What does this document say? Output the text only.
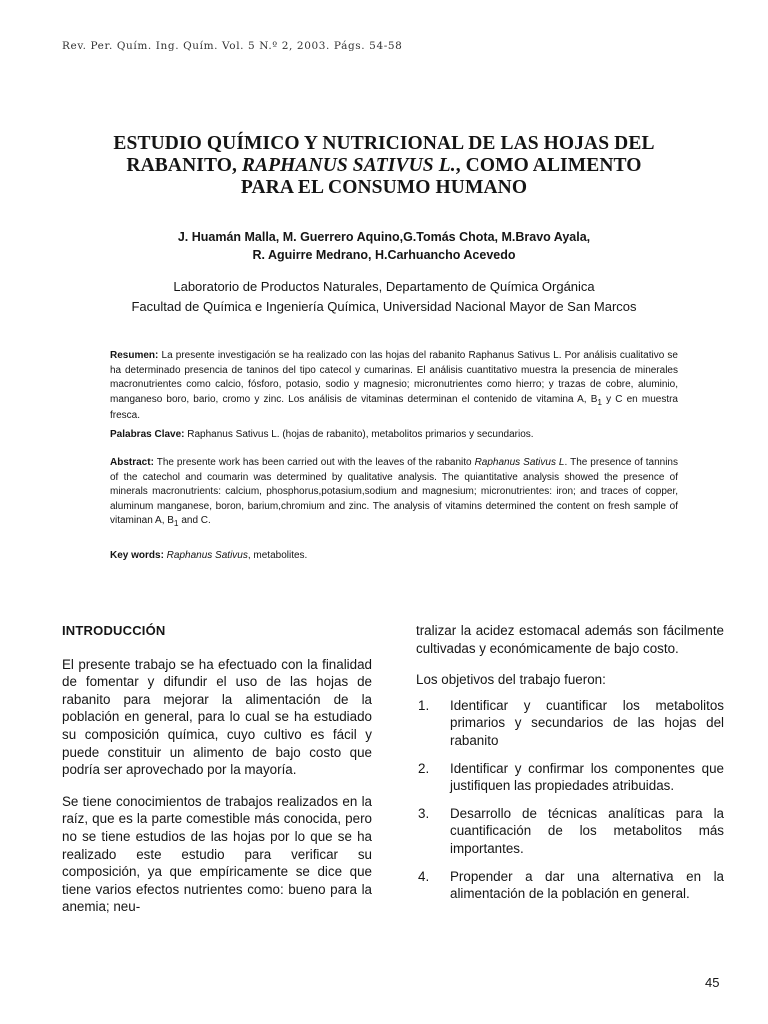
Rev. Per. Quím. Ing. Quím. Vol. 5 N.º 2, 2003. Págs. 54-58
ESTUDIO QUÍMICO Y NUTRICIONAL DE LAS HOJAS DEL
RABANITO, RAPHANUS SATIVUS L., COMO ALIMENTO
PARA EL CONSUMO HUMANO
J. Huamán Malla, M. Guerrero Aquino,G.Tomás Chota, M.Bravo Ayala,
R. Aguirre Medrano, H.Carhuancho Acevedo
Laboratorio de Productos Naturales, Departamento de Química Orgánica
Facultad de Química e Ingeniería Química, Universidad Nacional Mayor de San Marcos
Resumen: La presente investigación se ha realizado con las hojas del rabanito Raphanus Sativus L. Por análisis cualitativo se ha determinado presencia de taninos del tipo catecol y cumarinas. El análisis cuantitativo muestra la presencia de minerales macronutrientes como calcio, fósforo, potasio, sodio y magnesio; micronutrientes como hierro; y trazas de cobre, aluminio, manganeso boro, bario, cromo y zinc. Los análisis de vitaminas determinan el contenido de vitamina A, $B_1$ y C en muestra fresca.
Palabras Clave: Raphanus Sativus L. (hojas de rabanito), metabolitos primarios y secundarios.
Abstract: The presente work has been carried out with the leaves of the rabanito Raphanus Sativus L. The presence of tannins of the catechol and coumarin was determined by qualitative analysis. The quiantitative analysis showed the presence of minerals macronutrients: calcium, phosphorus,potasium,sodium and magnesium; micronutrientes: iron; and traces of copper, aluminum manganese, boron, barium,chromium and zinc. The analysis of vitamins determined the content on fresh sample of vitaminan A, $B_1$ and C.
Key words: Raphanus Sativus, metabolites.

INTRODUCCIÓN

El presente trabajo se ha efectuado con la finalidad de fomentar y difundir el uso de las hojas de rabanito para mejorar la alimentación de la población en general, para lo cual se ha estudiado su composición química, cuyo cultivo es fácil y puede constituir un alimento de bajo costo que podría ser aprovechado por la mayoría.

Se tiene conocimientos de trabajos realizados en la raíz, que es la parte comestible más conocida, pero no se tiene estudios de las hojas por lo que se ha realizado este estudio para verificar su composición, ya que empíricamente se dice que tiene varios efectos nutrientes como: bueno para la anemia; neu-

tralizar la acidez estomacal además son fácilmente cultivadas y económicamente de bajo costo.

Los objetivos del trabajo fueron:

1. Identificar y cuantificar los metabolitos primarios y secundarios de las hojas del rabanito
2. Identificar y confirmar los componentes que justifiquen las propiedades atribuidas.
3. Desarrollo de técnicas analíticas para la cuantificación de los metabolitos más importantes.
4. Propender a dar una alternativa en la alimentación de la población en general.
45
